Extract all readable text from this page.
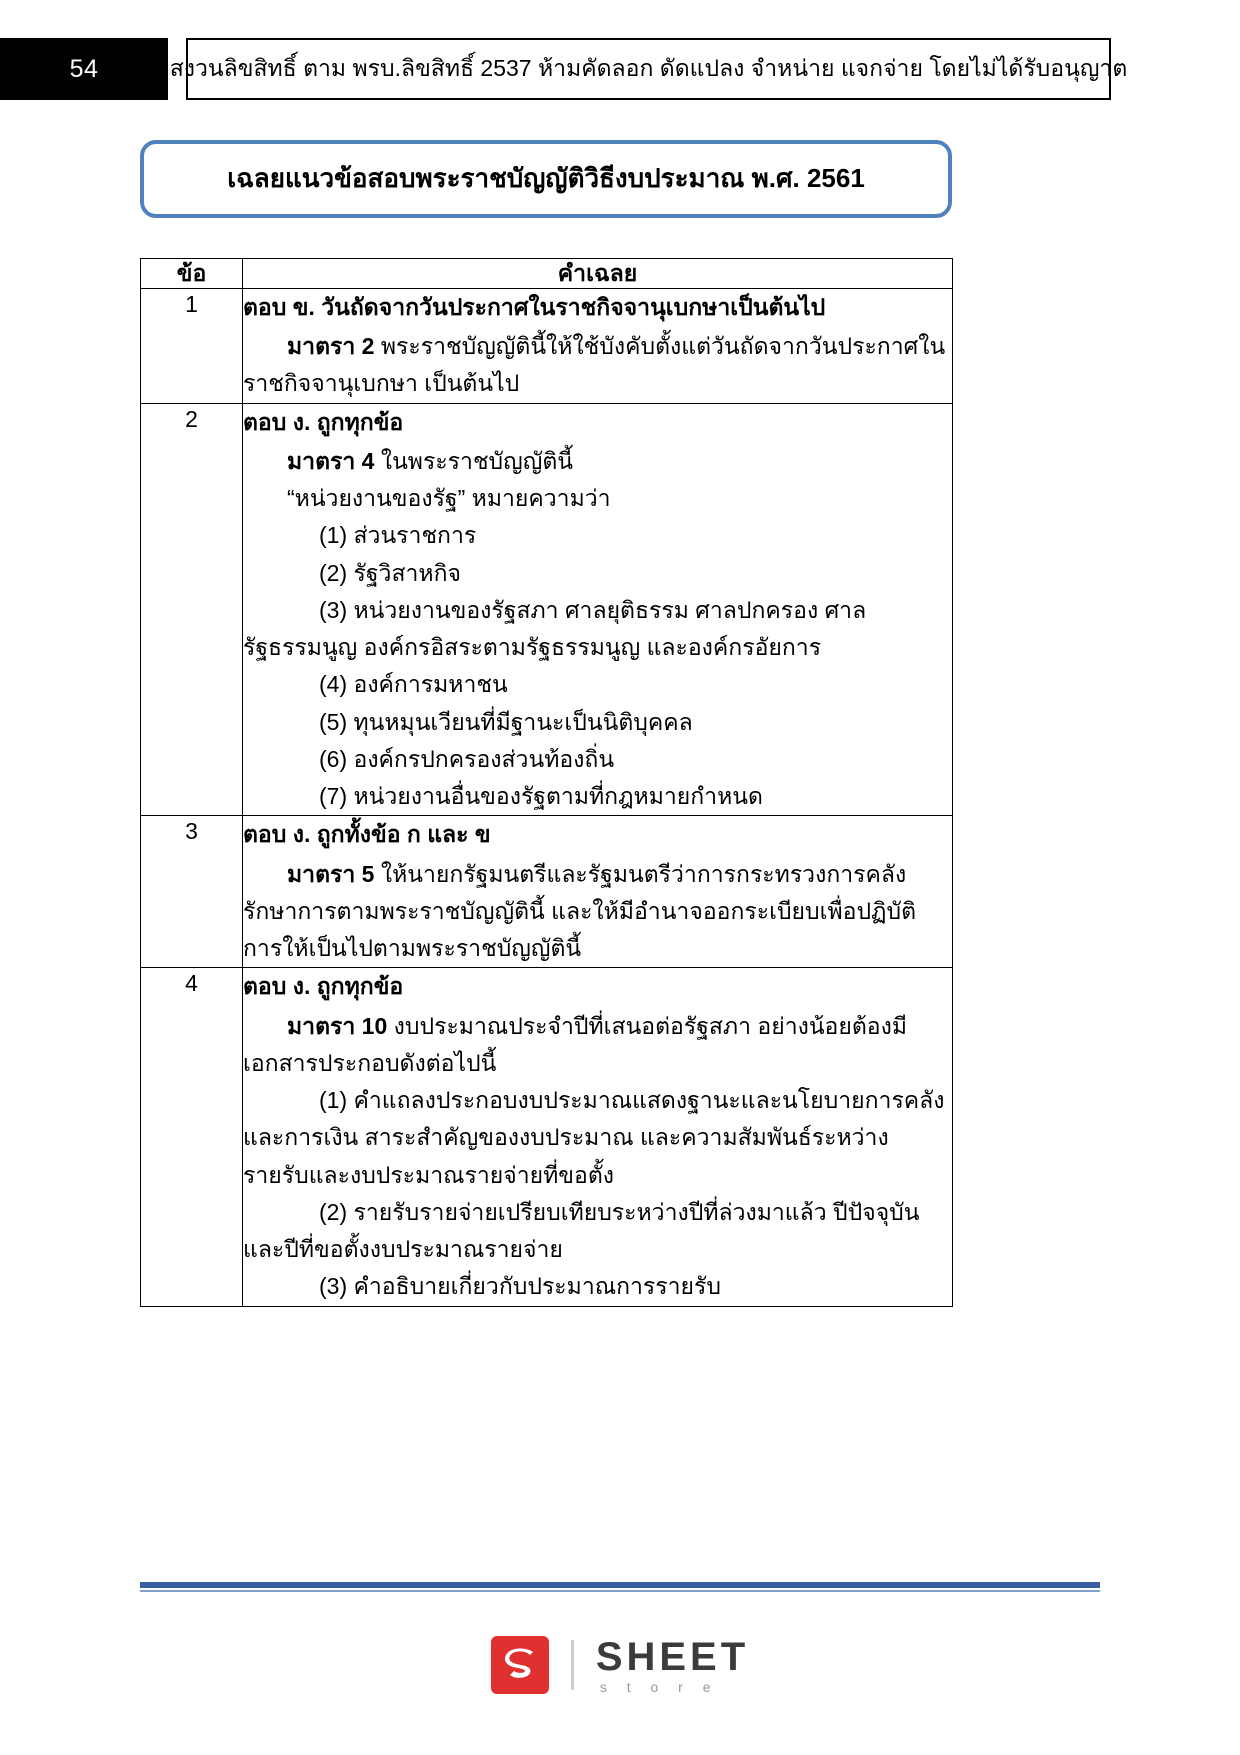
54	สงวนลิขสิทธิ์ ตาม พรบ.ลิขสิทธิ์ 2537 ห้ามคัดลอก ดัดแปลง จำหน่าย แจกจ่าย โดยไม่ได้รับอนุญาต
เฉลยแนวข้อสอบพระราชบัญญัติวิธีงบประมาณ พ.ศ. 2561
ข้อ	คำเฉลย
1	ตอบ ข. วันถัดจากวันประกาศในราชกิจจานุเบกษาเป็นต้นไป
มาตรา 2 พระราชบัญญัตินี้ให้ใช้บังคับตั้งแต่วันถัดจากวันประกาศในราชกิจจานุเบกษา เป็นต้นไป

2	ตอบ ง. ถูกทุกข้อ
มาตรา 4 ในพระราชบัญญัตินี้
“หน่วยงานของรัฐ” หมายความว่า
(1) ส่วนราชการ
(2) รัฐวิสาหกิจ
(3) หน่วยงานของรัฐสภา ศาลยุติธรรม ศาลปกครอง ศาลรัฐธรรมนูญ องค์กรอิสระตามรัฐธรรมนูญ และองค์กรอัยการ
(4) องค์การมหาชน
(5) ทุนหมุนเวียนที่มีฐานะเป็นนิติบุคคล
(6) องค์กรปกครองส่วนท้องถิ่น
(7) หน่วยงานอื่นของรัฐตามที่กฎหมายกำหนด

3	ตอบ ง. ถูกทั้งข้อ ก และ ข
มาตรา 5 ให้นายกรัฐมนตรีและรัฐมนตรีว่าการกระทรวงการคลังรักษาการตามพระราชบัญญัตินี้ และให้มีอำนาจออกระเบียบเพื่อปฏิบัติการให้เป็นไปตามพระราชบัญญัตินี้

4	ตอบ ง. ถูกทุกข้อ
มาตรา 10 งบประมาณประจำปีที่เสนอต่อรัฐสภา อย่างน้อยต้องมีเอกสารประกอบดังต่อไปนี้
(1) คำแถลงประกอบงบประมาณแสดงฐานะและนโยบายการคลังและการเงิน สาระสำคัญของงบประมาณ และความสัมพันธ์ระหว่างรายรับและงบประมาณรายจ่ายที่ขอตั้ง
(2) รายรับรายจ่ายเปรียบเทียบระหว่างปีที่ล่วงมาแล้ว ปีปัจจุบัน และปีที่ขอตั้งงบประมาณรายจ่าย
(3) คำอธิบายเกี่ยวกับประมาณการรายรับ
SHEET
s t o r e
